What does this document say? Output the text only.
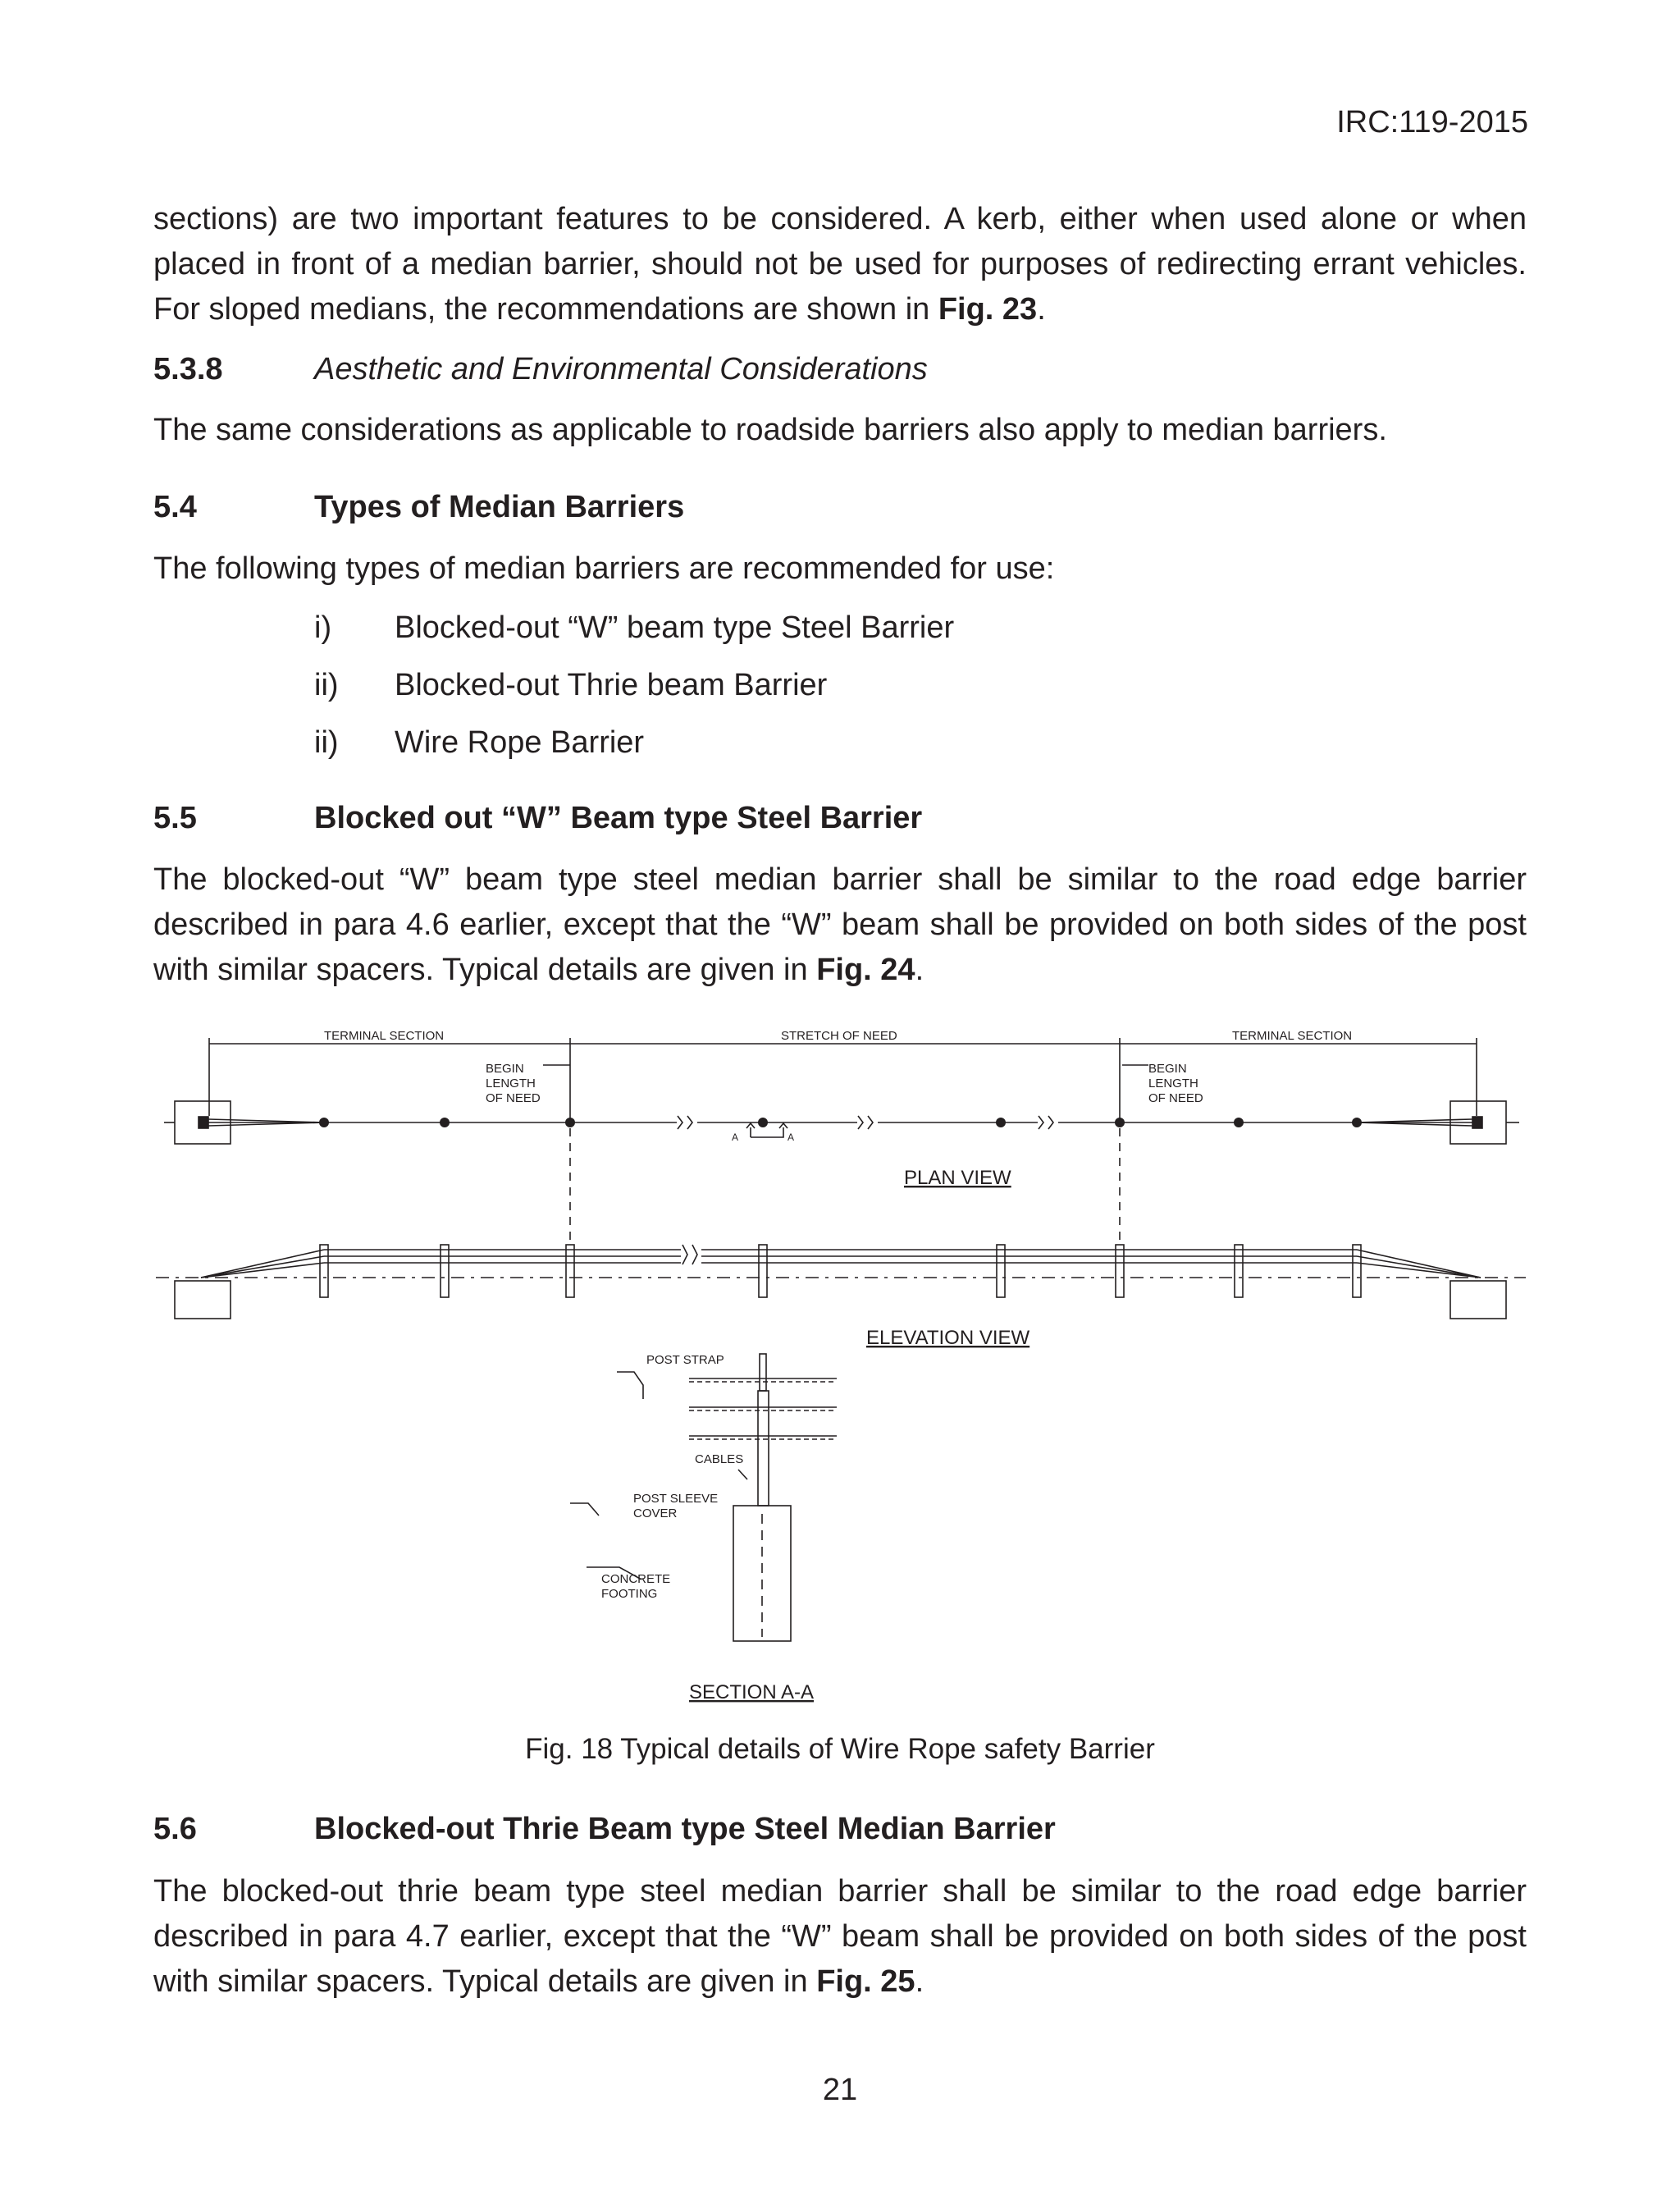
IRC:119-2015
sections) are two important features to be considered. A kerb, either when used alone or when placed in front of a median barrier, should not be used for purposes of redirecting errant vehicles. For sloped medians, the recommendations are shown in Fig. 23.
5.3.8	Aesthetic and Environmental Considerations
The same considerations as applicable to roadside barriers also apply to median barriers.
5.4	Types of Median Barriers
The following types of median barriers are recommended for use:
i) Blocked-out “W” beam type Steel Barrier
ii) Blocked-out Thrie beam Barrier
ii) Wire Rope Barrier
5.5	Blocked out “W” Beam type Steel Barrier
The blocked-out “W” beam type steel median barrier shall be similar to the road edge barrier described in para 4.6 earlier, except that the “W” beam shall be provided on both sides of the post with similar spacers. Typical details are given in Fig. 24.
TERMINAL SECTION	STRETCH OF NEED	TERMINAL SECTION
BEGIN
LENGTH
OF NEED
BEGIN
LENGTH
OF NEED
A	A
PLAN VIEW
ELEVATION VIEW
POST STRAP
CABLES
POST SLEEVE
COVER
CONCRETE
FOOTING
SECTION A-A
Fig. 18 Typical details of Wire Rope safety Barrier
5.6	Blocked-out Thrie Beam type Steel Median Barrier
The blocked-out thrie beam type steel median barrier shall be similar to the road edge barrier described in para 4.7 earlier, except that the “W” beam shall be provided on both sides of the post with similar spacers. Typical details are given in Fig. 25.
21
